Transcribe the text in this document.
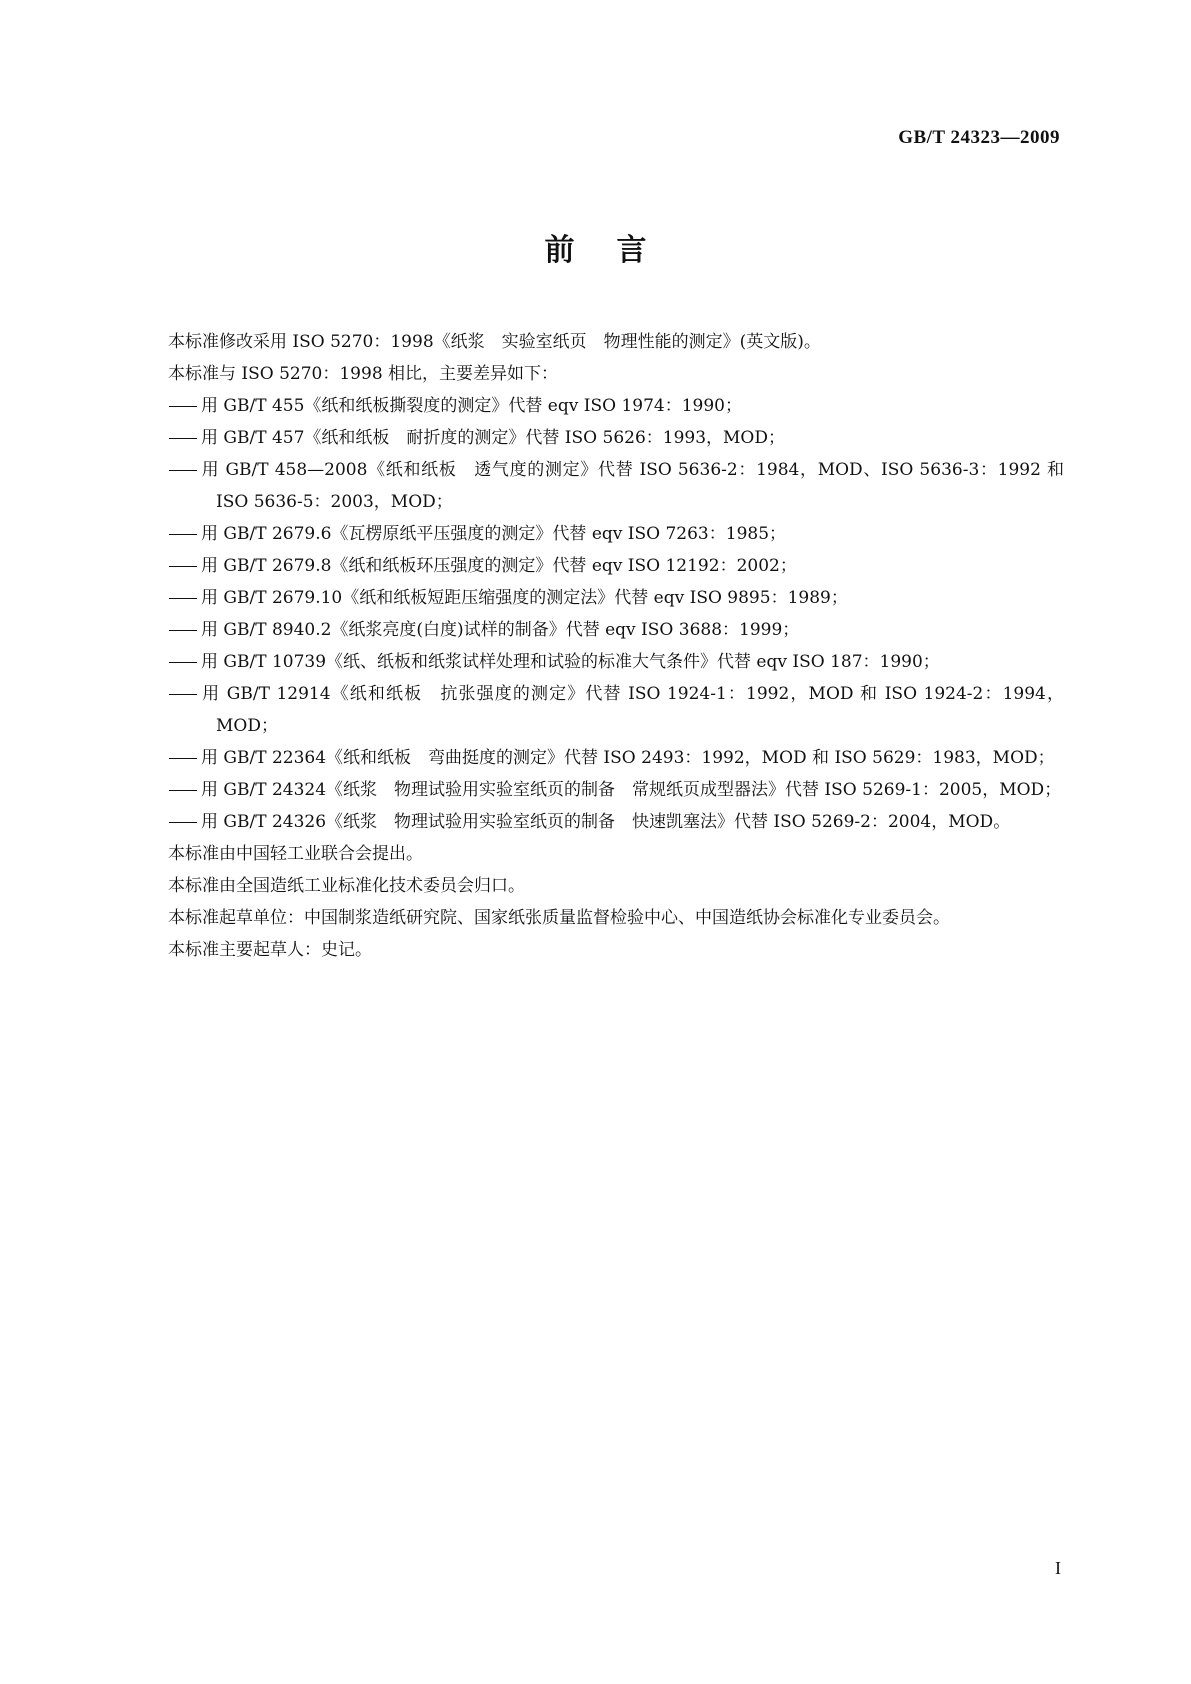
GB/T 24323—2009
前言

本标准修改采用 ISO 5270：1998《纸浆　实验室纸页　物理性能的测定》(英文版)。

本标准与 ISO 5270：1998 相比，主要差异如下：

用 GB/T 455《纸和纸板撕裂度的测定》代替 eqv ISO 1974：1990；

用 GB/T 457《纸和纸板　耐折度的测定》代替 ISO 5626：1993，MOD；

用 GB/T 458—2008《纸和纸板　透气度的测定》代替 ISO 5636-2：1984，MOD、ISO 5636-3：1992 和 ISO 5636-5：2003，MOD；

用 GB/T 2679.6《瓦楞原纸平压强度的测定》代替 eqv ISO 7263：1985；

用 GB/T 2679.8《纸和纸板环压强度的测定》代替 eqv ISO 12192：2002；

用 GB/T 2679.10《纸和纸板短距压缩强度的测定法》代替 eqv ISO 9895：1989；

用 GB/T 8940.2《纸浆亮度(白度)试样的制备》代替 eqv ISO 3688：1999；

用 GB/T 10739《纸、纸板和纸浆试样处理和试验的标准大气条件》代替 eqv ISO 187：1990；

用 GB/T 12914《纸和纸板　抗张强度的测定》代替 ISO 1924-1：1992，MOD 和 ISO 1924-2：1994，MOD；

用 GB/T 22364《纸和纸板　弯曲挺度的测定》代替 ISO 2493：1992，MOD 和 ISO 5629：1983，MOD；

用 GB/T 24324《纸浆　物理试验用实验室纸页的制备　常规纸页成型器法》代替 ISO 5269-1：2005，MOD；

用 GB/T 24326《纸浆　物理试验用实验室纸页的制备　快速凯塞法》代替 ISO 5269-2：2004，MOD。

本标准由中国轻工业联合会提出。

本标准由全国造纸工业标准化技术委员会归口。

本标准起草单位：中国制浆造纸研究院、国家纸张质量监督检验中心、中国造纸协会标准化专业委员会。

本标准主要起草人：史记。

I
